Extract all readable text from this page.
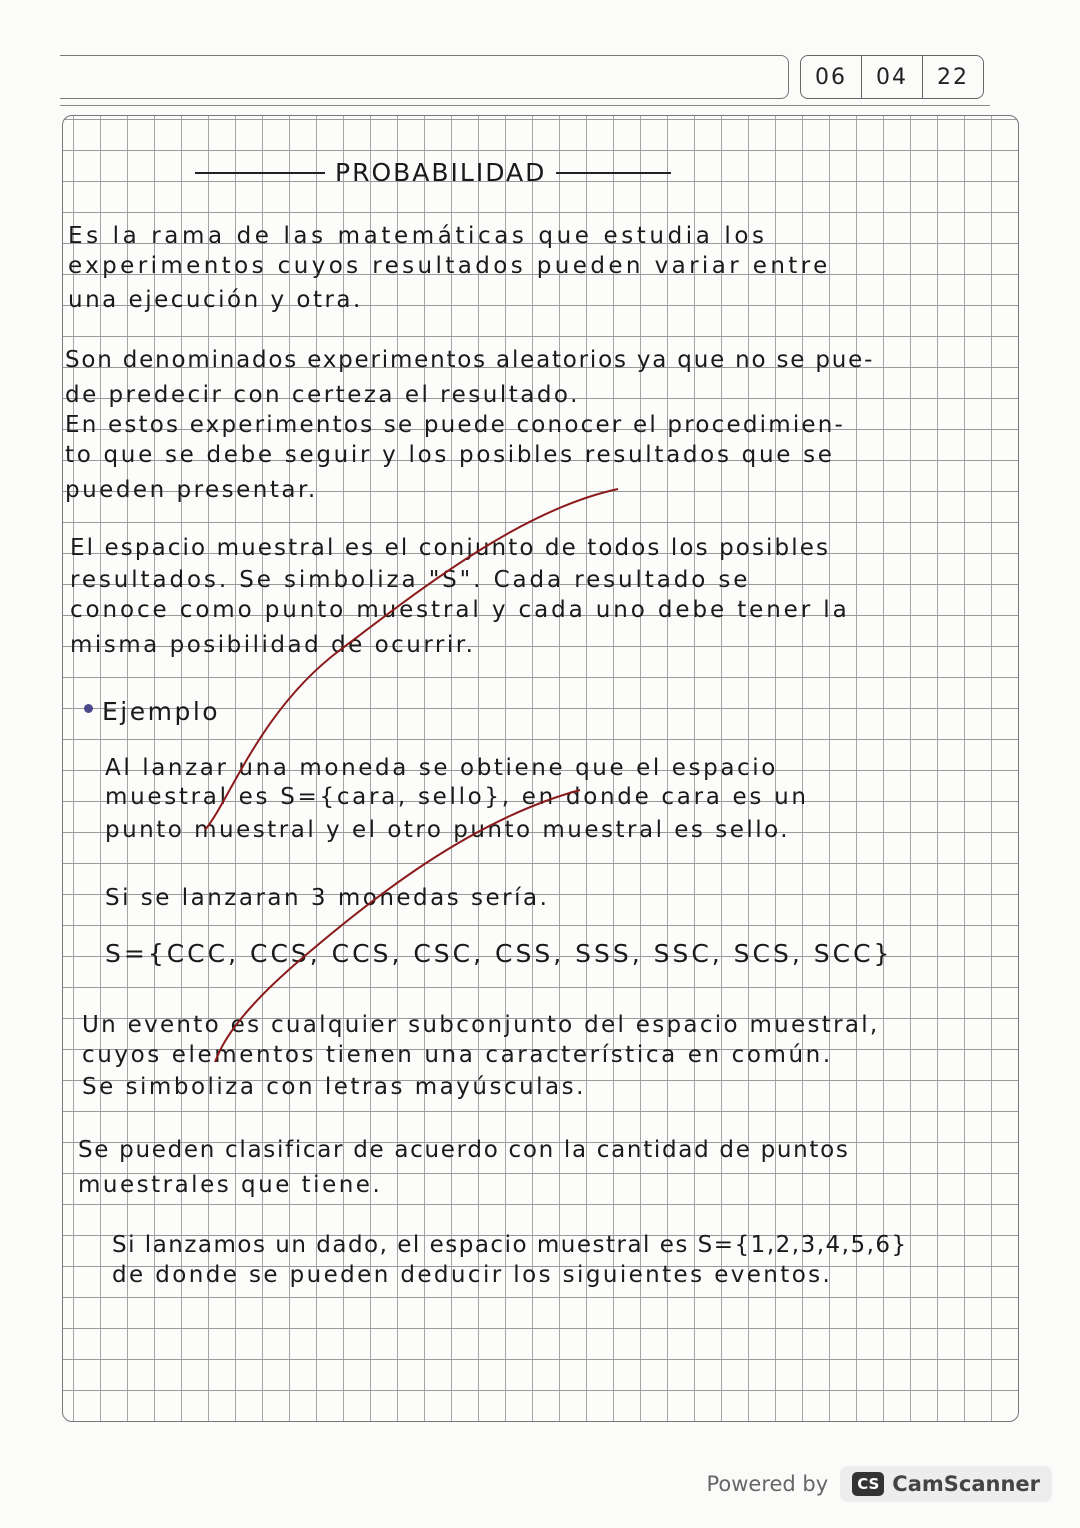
06	04	22
PROBABILIDAD
Es la rama de las matemáticas que estudia los
experimentos cuyos resultados pueden variar entre
una ejecución y otra.
Son denominados experimentos aleatorios ya que no se pue-
de predecir con certeza el resultado.
En estos experimentos se puede conocer el procedimien-
to que se debe seguir y los posibles resultados que se
pueden presentar.
El espacio muestral es el conjunto de todos los posibles
resultados. Se simboliza "S". Cada resultado se
conoce como punto muestral y cada uno debe tener la
misma posibilidad de ocurrir.
Ejemplo
Al lanzar una moneda se obtiene que el espacio
muestral es S={cara, sello}, en donde cara es un
punto muestral y el otro punto muestral es sello.
Si se lanzaran 3 monedas sería.
S={CCC, CCS, CCS, CSC, CSS, SSS, SSC, SCS, SCC}
Un evento es cualquier subconjunto del espacio muestral,
cuyos elementos tienen una característica en común.
Se simboliza con letras mayúsculas.
Se pueden clasificar de acuerdo con la cantidad de puntos
muestrales que tiene.
Si lanzamos un dado, el espacio muestral es S={1,2,3,4,5,6}
de donde se pueden deducir los siguientes eventos.
Powered by	CS CamScanner
